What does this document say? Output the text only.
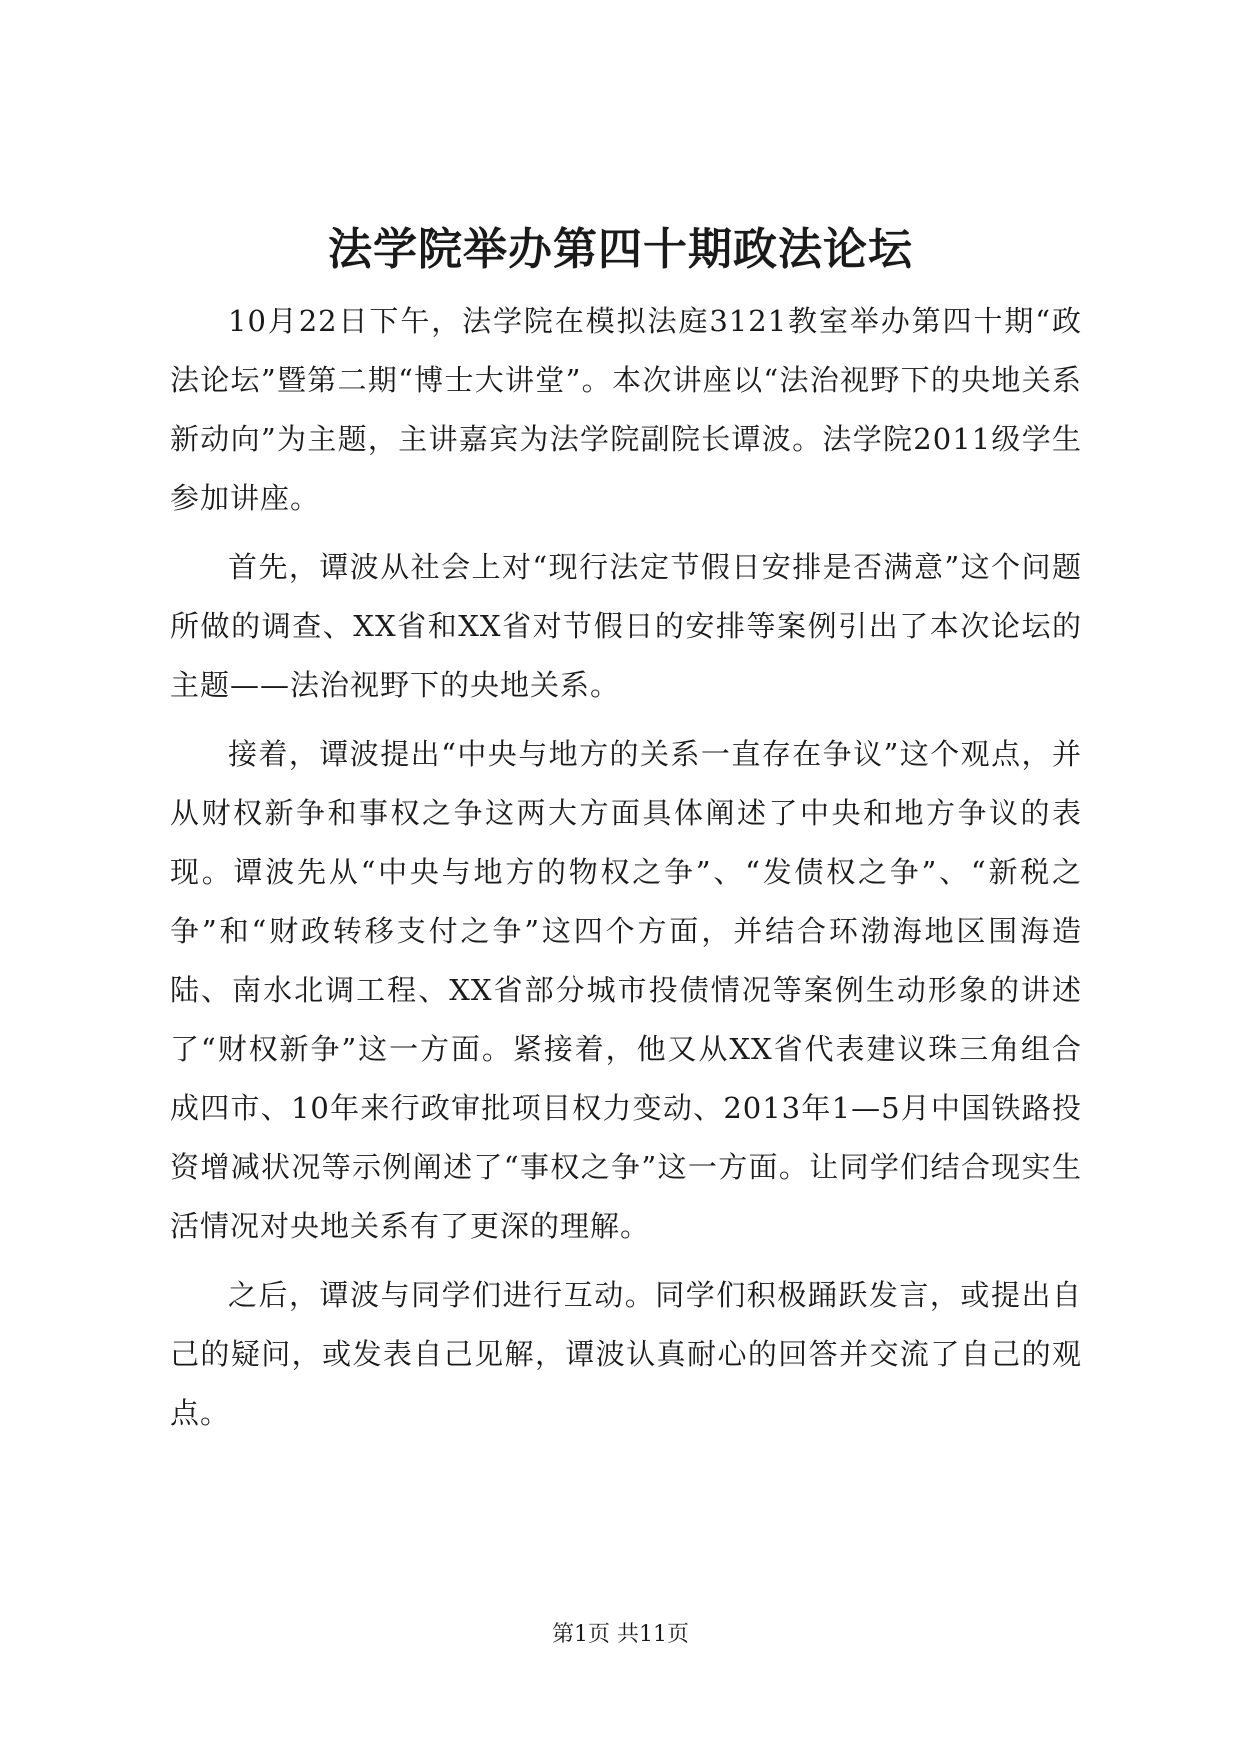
法学院举办第四十期政法论坛

10月22日下午，法学院在模拟法庭3121教室举办第四十期“政法论坛”暨第二期“博士大讲堂”。本次讲座以“法治视野下的央地关系新动向”为主题，主讲嘉宾为法学院副院长谭波。法学院2011级学生参加讲座。

首先，谭波从社会上对“现行法定节假日安排是否满意”这个问题所做的调查、XX省和XX省对节假日的安排等案例引出了本次论坛的主题——法治视野下的央地关系。

接着，谭波提出“中央与地方的关系一直存在争议”这个观点，并从财权新争和事权之争这两大方面具体阐述了中央和地方争议的表现。谭波先从“中央与地方的物权之争”、“发债权之争”、“新税之争”和“财政转移支付之争”这四个方面，并结合环渤海地区围海造陆、南水北调工程、XX省部分城市投债情况等案例生动形象的讲述了“财权新争”这一方面。紧接着，他又从XX省代表建议珠三角组合成四市、10年来行政审批项目权力变动、2013年1—5月中国铁路投资增减状况等示例阐述了“事权之争”这一方面。让同学们结合现实生活情况对央地关系有了更深的理解。

之后，谭波与同学们进行互动。同学们积极踊跃发言，或提出自己的疑问，或发表自己见解，谭波认真耐心的回答并交流了自己的观点。

第1页 共11页
